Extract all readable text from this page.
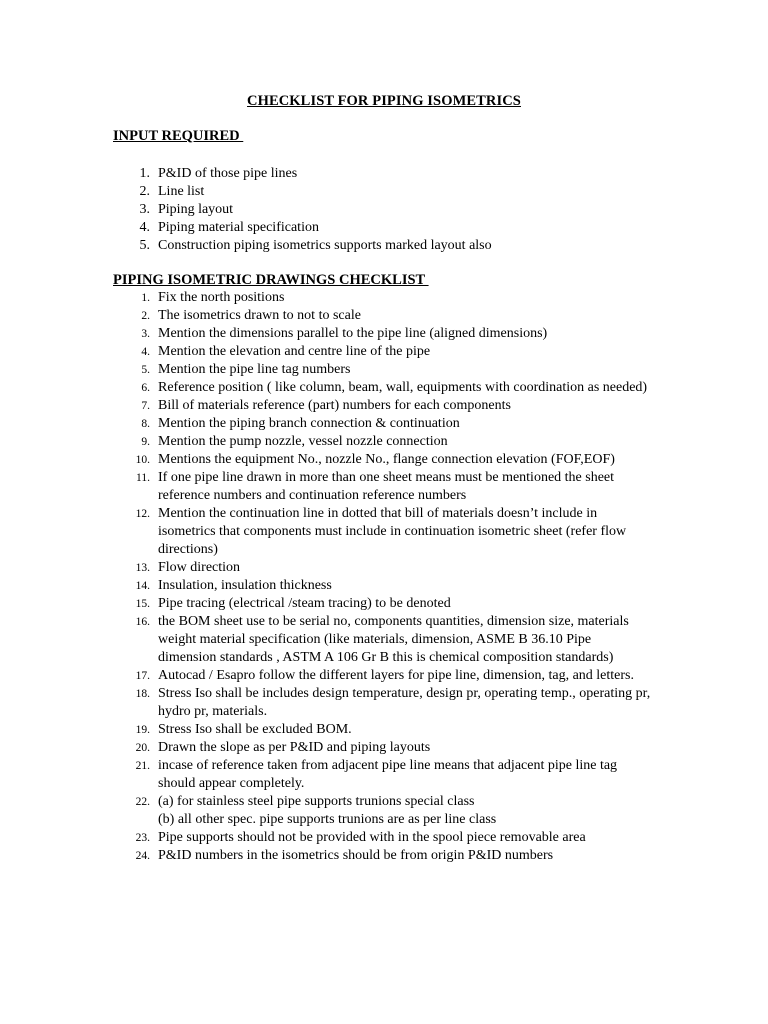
CHECKLIST FOR PIPING ISOMETRICS
INPUT REQUIRED
1 . P&ID of those pipe lines
2 . Line list
3 . Piping layout
4 . Piping material specification
5 . Construction piping isometrics supports marked layout also
PIPING ISOMETRIC DRAWINGS CHECKLIST
1 . Fix the north positions
2 . The isometrics drawn to not to scale
3 . Mention the dimensions parallel to the pipe line (aligned dimensions)
4 . Mention the elevation and centre line of the pipe
5 . Mention the pipe line tag numbers
6 . Reference position ( like column, beam, wall, equipments with coordination as needed)
7 . Bill of materials reference (part) numbers for each components
8 . Mention the piping branch connection & continuation
9 . Mention the pump nozzle, vessel nozzle connection
10 . Mentions the equipment No., nozzle No., flange connection elevation (FOF,EOF)
11 . If one pipe line drawn in more than one sheet means must be mentioned the sheet reference numbers and continuation reference numbers
12 . Mention the continuation line in dotted that bill of materials doesn’t include in isometrics that components must include in continuation isometric sheet (refer flow directions)
13 . Flow direction
14 . Insulation, insulation thickness
15 . Pipe tracing (electrical /steam tracing) to be denoted
16 . the BOM sheet use to be serial no, components quantities, dimension size, materials weight material specification (like materials, dimension, ASME B 36.10 Pipe dimension standards , ASTM A 106 Gr B this is chemical composition standards)
17 . Autocad / Esapro follow the different layers for pipe line, dimension, tag, and letters.
18 . Stress Iso shall be includes design temperature, design pr, operating temp., operating pr, hydro pr, materials.
19 . Stress Iso shall be excluded BOM.
20 . Drawn the slope as per P&ID and piping layouts
21 . incase of reference taken from adjacent pipe line means that adjacent pipe line tag should appear completely.
22 . (a) for stainless steel pipe supports trunions special class
(b) all other spec. pipe supports trunions are as per line class
23 . Pipe supports should not be provided with in the spool piece removable area
24 . P&ID numbers in the isometrics should be from origin P&ID numbers
